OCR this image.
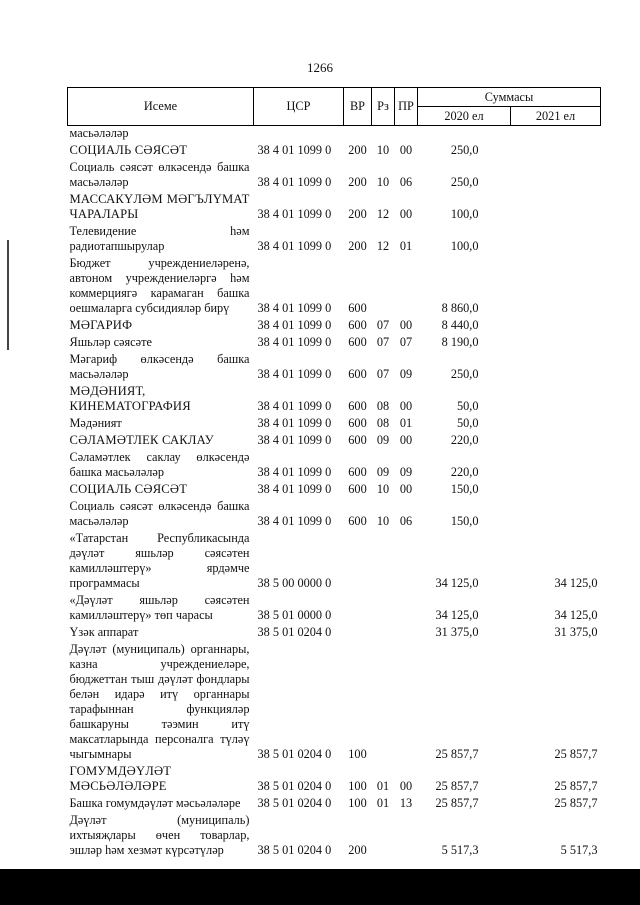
1266
Исеме	ЦСР	ВР	Рз	ПР	Суммасы	
					2020 ел	2021 ел
масьәләләр						
СОЦИАЛЬ СӘЯСӘТ	38 4 01 1099 0	200	10	00	250,0	
Социаль сәясәт өлкәсендә башка масьәләләр	38 4 01 1099 0	200	10	06	250,0	
МАССАКҮЛӘМ МӘГЪЛҮМАТ ЧАРАЛАРЫ	38 4 01 1099 0	200	12	00	100,0	
Телевидение һәм радиотапшырулар	38 4 01 1099 0	200	12	01	100,0	
Бюджет учреждениеләренә, автоном учреждениеләргә һәм коммерциягә карамаган башка оешмаларга субсидияләр бирү	38 4 01 1099 0	600			8 860,0	
МӘГАРИФ	38 4 01 1099 0	600	07	00	8 440,0	
Яшьләр сәясәте	38 4 01 1099 0	600	07	07	8 190,0	
Мәгариф өлкәсендә башка масьәләләр	38 4 01 1099 0	600	07	09	250,0	
МӘДӘНИЯТ, КИНЕМАТОГРАФИЯ	38 4 01 1099 0	600	08	00	50,0	
Мәдәният	38 4 01 1099 0	600	08	01	50,0	
СӘЛАМӘТЛЕК САКЛАУ	38 4 01 1099 0	600	09	00	220,0	
Сәламәтлек саклау өлкәсендә башка масьәләләр	38 4 01 1099 0	600	09	09	220,0	
СОЦИАЛЬ СӘЯСӘТ	38 4 01 1099 0	600	10	00	150,0	
Социаль сәясәт өлкәсендә башка масьәләләр	38 4 01 1099 0	600	10	06	150,0	
«Татарстан Республикасында дәүләт яшьләр сәясәтен камилләштерү» ярдәмче программасы	38 5 00 0000 0				34 125,0	34 125,0
«Дәүләт яшьләр сәясәтен камилләштерү» төп чарасы	38 5 01 0000 0				34 125,0	34 125,0
Үзәк аппарат	38 5 01 0204 0				31 375,0	31 375,0
Дәүләт (муниципаль) органнары, казна учреждениеләре, бюджеттан тыш дәүләт фондлары белән идарә итү органнары тарафыннан функцияләр башкаруны тәэмин итү максатларында персоналга түләү чыгымнары	38 5 01 0204 0	100			25 857,7	25 857,7
ГОМУМДӘҮЛӘТ МӘСЬӘЛӘЛӘРЕ	38 5 01 0204 0	100	01	00	25 857,7	25 857,7
Башка гомумдәүләт мәсьәләләре	38 5 01 0204 0	100	01	13	25 857,7	25 857,7
Дәүләт (муниципаль) ихтыяҗлары өчен товарлар, эшләр һәм хезмәт күрсәтүләр	38 5 01 0204 0	200			5 517,3	5 517,3
